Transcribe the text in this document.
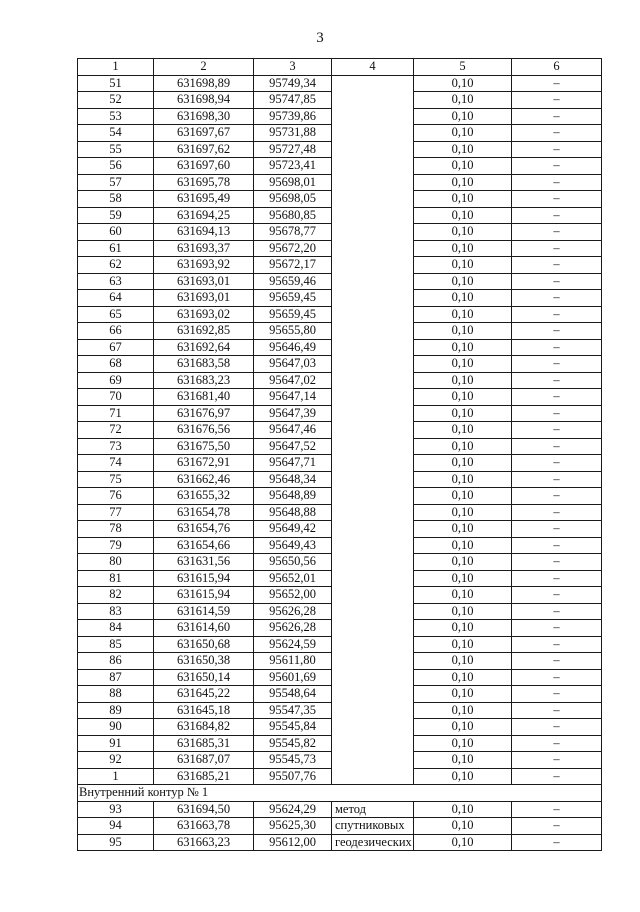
3
1	2	3	4	5	6
51	631698,89	95749,34		0,10	–
52	631698,94	95747,85		0,10	–
53	631698,30	95739,86		0,10	–
54	631697,67	95731,88		0,10	–
55	631697,62	95727,48		0,10	–
56	631697,60	95723,41		0,10	–
57	631695,78	95698,01		0,10	–
58	631695,49	95698,05		0,10	–
59	631694,25	95680,85		0,10	–
60	631694,13	95678,77		0,10	–
61	631693,37	95672,20		0,10	–
62	631693,92	95672,17		0,10	–
63	631693,01	95659,46		0,10	–
64	631693,01	95659,45		0,10	–
65	631693,02	95659,45		0,10	–
66	631692,85	95655,80		0,10	–
67	631692,64	95646,49		0,10	–
68	631683,58	95647,03		0,10	–
69	631683,23	95647,02		0,10	–
70	631681,40	95647,14		0,10	–
71	631676,97	95647,39		0,10	–
72	631676,56	95647,46		0,10	–
73	631675,50	95647,52		0,10	–
74	631672,91	95647,71		0,10	–
75	631662,46	95648,34		0,10	–
76	631655,32	95648,89		0,10	–
77	631654,78	95648,88		0,10	–
78	631654,76	95649,42		0,10	–
79	631654,66	95649,43		0,10	–
80	631631,56	95650,56		0,10	–
81	631615,94	95652,01		0,10	–
82	631615,94	95652,00		0,10	–
83	631614,59	95626,28		0,10	–
84	631614,60	95626,28		0,10	–
85	631650,68	95624,59		0,10	–
86	631650,38	95611,80		0,10	–
87	631650,14	95601,69		0,10	–
88	631645,22	95548,64		0,10	–
89	631645,18	95547,35		0,10	–
90	631684,82	95545,84		0,10	–
91	631685,31	95545,82		0,10	–
92	631687,07	95545,73		0,10	–
1	631685,21	95507,76		0,10	–
Внутренний контур № 1					
93	631694,50	95624,29	метод	0,10	–
94	631663,78	95625,30	спутниковых	0,10	–
95	631663,23	95612,00	геодезических	0,10	–
